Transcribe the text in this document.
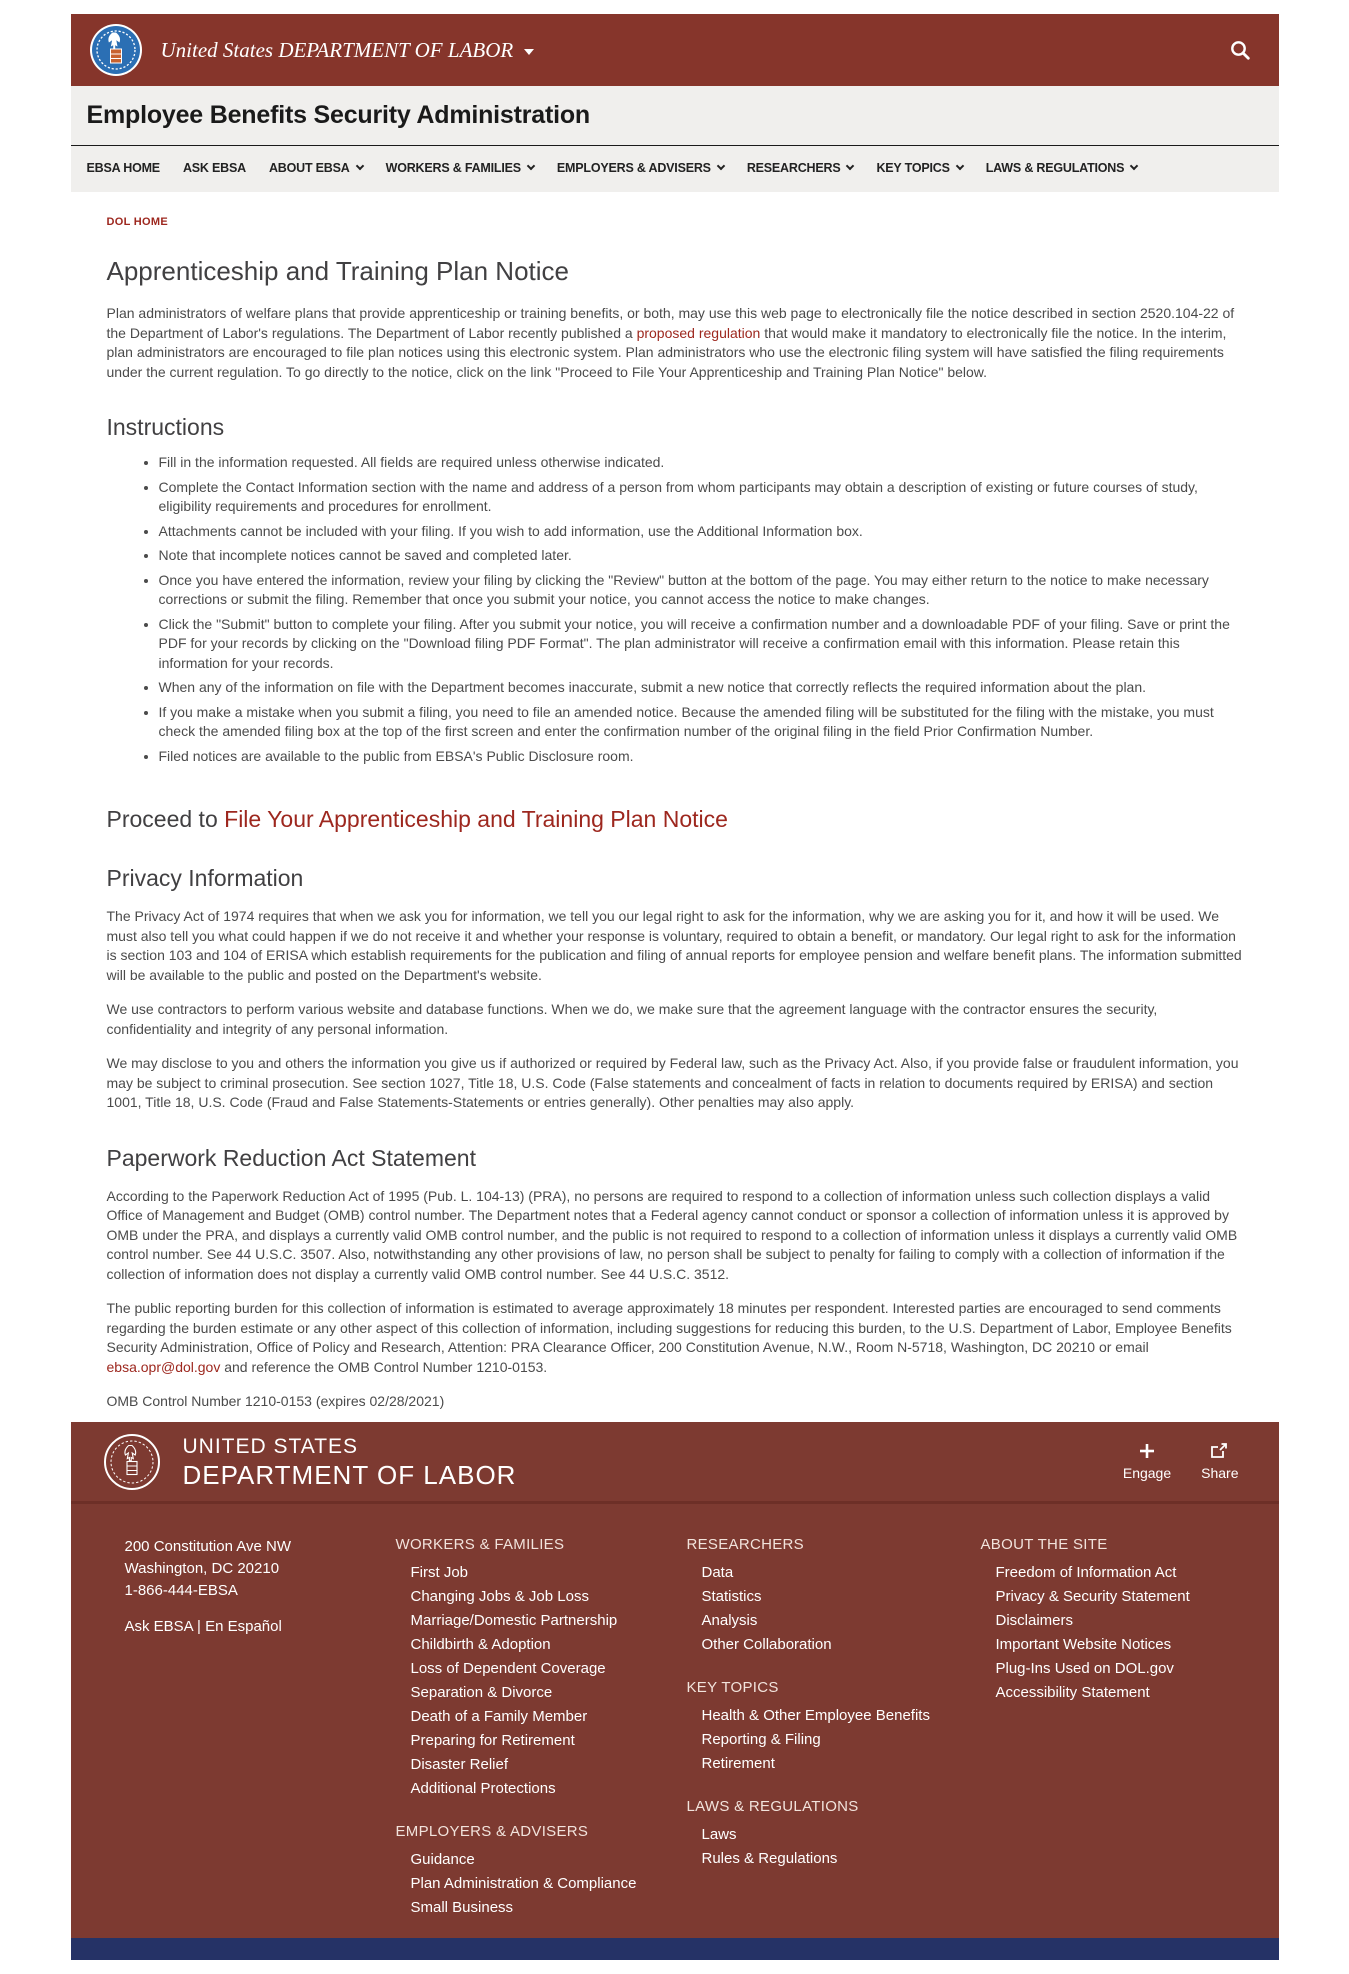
United States DEPARTMENT OF LABOR
Employee Benefits Security Administration
EBSA HOME ASK EBSA ABOUT EBSA	WORKERS & FAMILIES	EMPLOYERS & ADVISERS	RESEARCHERS	KEY TOPICS	LAWS & REGULATIONS
DOL HOME
Apprenticeship and Training Plan Notice

Plan administrators of welfare plans that provide apprenticeship or training benefits, or both, may use this web page to electronically file the notice described in section 2520.104-22 of the Department of Labor's regulations. The Department of Labor recently published a proposed regulation that would make it mandatory to electronically file the notice. In the interim, plan administrators are encouraged to file plan notices using this electronic system. Plan administrators who use the electronic filing system will have satisfied the filing requirements under the current regulation. To go directly to the notice, click on the link "Proceed to File Your Apprenticeship and Training Plan Notice" below.

Instructions
• Fill in the information requested. All fields are required unless otherwise indicated.
• Complete the Contact Information section with the name and address of a person from whom participants may obtain a description of existing or future courses of study, eligibility requirements and procedures for enrollment.
• Attachments cannot be included with your filing. If you wish to add information, use the Additional Information box.
• Note that incomplete notices cannot be saved and completed later.
• Once you have entered the information, review your filing by clicking the "Review" button at the bottom of the page. You may either return to the notice to make necessary corrections or submit the filing. Remember that once you submit your notice, you cannot access the notice to make changes.
• Click the "Submit" button to complete your filing. After you submit your notice, you will receive a confirmation number and a downloadable PDF of your filing. Save or print the PDF for your records by clicking on the "Download filing PDF Format". The plan administrator will receive a confirmation email with this information. Please retain this information for your records.
• When any of the information on file with the Department becomes inaccurate, submit a new notice that correctly reflects the required information about the plan.
• If you make a mistake when you submit a filing, you need to file an amended notice. Because the amended filing will be substituted for the filing with the mistake, you must check the amended filing box at the top of the first screen and enter the confirmation number of the original filing in the field Prior Confirmation Number.
• Filed notices are available to the public from EBSA's Public Disclosure room.
Proceed to File Your Apprenticeship and Training Plan Notice
Privacy Information

The Privacy Act of 1974 requires that when we ask you for information, we tell you our legal right to ask for the information, why we are asking you for it, and how it will be used. We must also tell you what could happen if we do not receive it and whether your response is voluntary, required to obtain a benefit, or mandatory. Our legal right to ask for the information is section 103 and 104 of ERISA which establish requirements for the publication and filing of annual reports for employee pension and welfare benefit plans. The information submitted will be available to the public and posted on the Department's website.

We use contractors to perform various website and database functions. When we do, we make sure that the agreement language with the contractor ensures the security, confidentiality and integrity of any personal information.

We may disclose to you and others the information you give us if authorized or required by Federal law, such as the Privacy Act. Also, if you provide false or fraudulent information, you may be subject to criminal prosecution. See section 1027, Title 18, U.S. Code (False statements and concealment of facts in relation to documents required by ERISA) and section 1001, Title 18, U.S. Code (Fraud and False Statements-Statements or entries generally). Other penalties may also apply.

Paperwork Reduction Act Statement

According to the Paperwork Reduction Act of 1995 (Pub. L. 104-13) (PRA), no persons are required to respond to a collection of information unless such collection displays a valid Office of Management and Budget (OMB) control number. The Department notes that a Federal agency cannot conduct or sponsor a collection of information unless it is approved by OMB under the PRA, and displays a currently valid OMB control number, and the public is not required to respond to a collection of information unless it displays a currently valid OMB control number. See 44 U.S.C. 3507. Also, notwithstanding any other provisions of law, no person shall be subject to penalty for failing to comply with a collection of information if the collection of information does not display a currently valid OMB control number. See 44 U.S.C. 3512.

The public reporting burden for this collection of information is estimated to average approximately 18 minutes per respondent. Interested parties are encouraged to send comments regarding the burden estimate or any other aspect of this collection of information, including suggestions for reducing this burden, to the U.S. Department of Labor, Employee Benefits Security Administration, Office of Policy and Research, Attention: PRA Clearance Officer, 200 Constitution Avenue, N.W., Room N-5718, Washington, DC 20210 or email ebsa.opr@dol.gov and reference the OMB Control Number 1210-0153.

OMB Control Number 1210-0153 (expires 02/28/2021)

UNITED STATES
DEPARTMENT OF LABOR	Engage Share
200 Constitution Ave NW
Washington, DC 20210
1-866-444-EBSA
Ask EBSA | En Español
WORKERS & FAMILIES
First Job
Changing Jobs & Job Loss
Marriage/Domestic Partnership
Childbirth & Adoption
Loss of Dependent Coverage
Separation & Divorce
Death of a Family Member
Preparing for Retirement
Disaster Relief
Additional Protections
EMPLOYERS & ADVISERS
Guidance
Plan Administration & Compliance
Small Business
RESEARCHERS
Data
Statistics
Analysis
Other Collaboration
KEY TOPICS
Health & Other Employee Benefits
Reporting & Filing
Retirement
LAWS & REGULATIONS
Laws
Rules & Regulations
ABOUT THE SITE
Freedom of Information Act
Privacy & Security Statement
Disclaimers
Important Website Notices
Plug-Ins Used on DOL.gov
Accessibility Statement
